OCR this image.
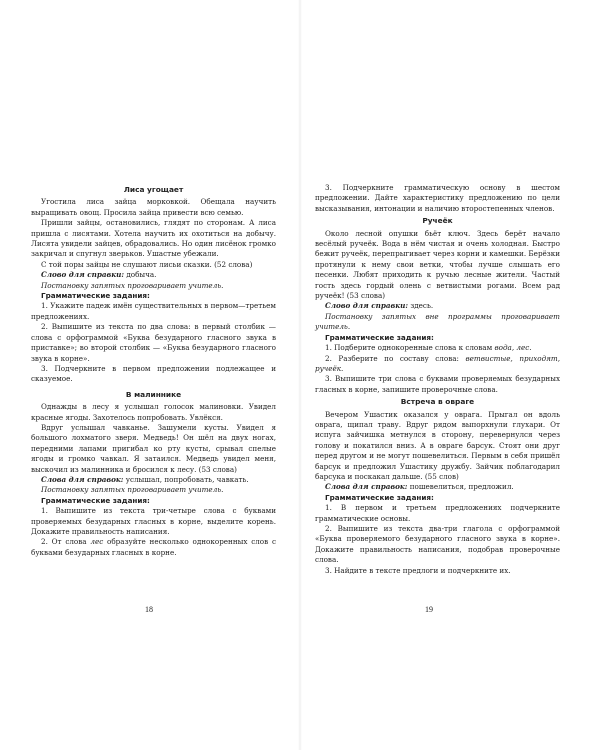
Лиса угощает

Угостила лиса зайца морковкой. Обещала научить выращивать овощ. Просила зайца привести всю семью.

Пришли зайцы, остановились, глядят по сторонам. А лиса пришла с лисятами. Хотела научить их охотиться на добычу. Лисята увидели зайцев, обрадовались. Но один лисёнок громко закричал и спугнул зверьков. Ушастые убежали.

С той поры зайцы не слушают лисьи сказки. (52 слова)

Слово для справки: добыча.

Постановку запятых проговаривает учитель.

Грамматические задания:

1. Укажите падеж имён существительных в первом—третьем предложениях.

2. Выпишите из текста по два слова: в первый столбик — слова с орфограммой «Буква безударного гласного звука в приставке»; во второй столбик — «Буква безударного гласного звука в корне».

3. Подчеркните в первом предложении подлежащее и сказуемое.

В малиннике

Однажды в лесу я услышал голосок малиновки. Увидел красные ягоды. Захотелось попробовать. Увлёкся.

Вдруг услышал чавканье. Зашумели кусты. Увидел я большого лохматого зверя. Медведь! Он шёл на двух ногах, передними лапами пригибал ко рту кусты, срывал спелые ягоды и громко чавкал. Я затаился. Медведь увидел меня, выскочил из малинника и бросился к лесу. (53 слова)

Слова для справок: услышал, попробовать, чавкать.

Постановку запятых проговаривает учитель.

Грамматические задания:

1. Выпишите из текста три-четыре слова с буквами проверяемых безударных гласных в корне, выделите корень. Докажите правильность написания.

2. От слова лес образуйте несколько однокоренных слов с буквами безударных гласных в корне.

18

3. Подчеркните грамматическую основу в шестом предложении. Дайте характеристику предложению по цели высказывания, интонации и наличию второстепенных членов.

Ручеёк

Около лесной опушки бьёт ключ. Здесь берёт начало весёлый ручеёк. Вода в нём чистая и очень холодная. Быстро бежит ручеёк, перепрыгивает через корни и камешки. Берёзки протянули к нему свои ветки, чтобы лучше слышать его песенки. Любят приходить к ручью лесные жители. Частый гость здесь гордый олень с ветвистыми рогами. Всем рад ручеёк! (53 слова)

Слово для справки: здесь.

Постановку запятых вне программы проговаривает учитель.

Грамматические задания:

1. Подберите однокоренные слова к словам вода, лес.

2. Разберите по составу слова: ветвистые, приходят, ручеёк.

3. Выпишите три слова с буквами проверяемых безударных гласных в корне, запишите проверочные слова.

Встреча в овраге

Вечером Ушастик оказался у оврага. Прыгал он вдоль оврага, щипал траву. Вдруг рядом выпорхнули глухари. От испуга зайчишка метнулся в сторону, перевернулся через голову и покатился вниз. А в овраге барсук. Стоят они друг перед другом и не могут пошевелиться. Первым в себя пришёл барсук и предложил Ушастику дружбу. Зайчик поблагодарил барсука и поскакал дальше. (55 слов)

Слова для справок: пошевелиться, предложил.

Грамматические задания:

1. В первом и третьем предложениях подчеркните грамматические основы.

2. Выпишите из текста два-три глагола с орфограммой «Буква проверяемого безударного гласного звука в корне». Докажите правильность написания, подобрав проверочные слова.

3. Найдите в тексте предлоги и подчеркните их.

19
